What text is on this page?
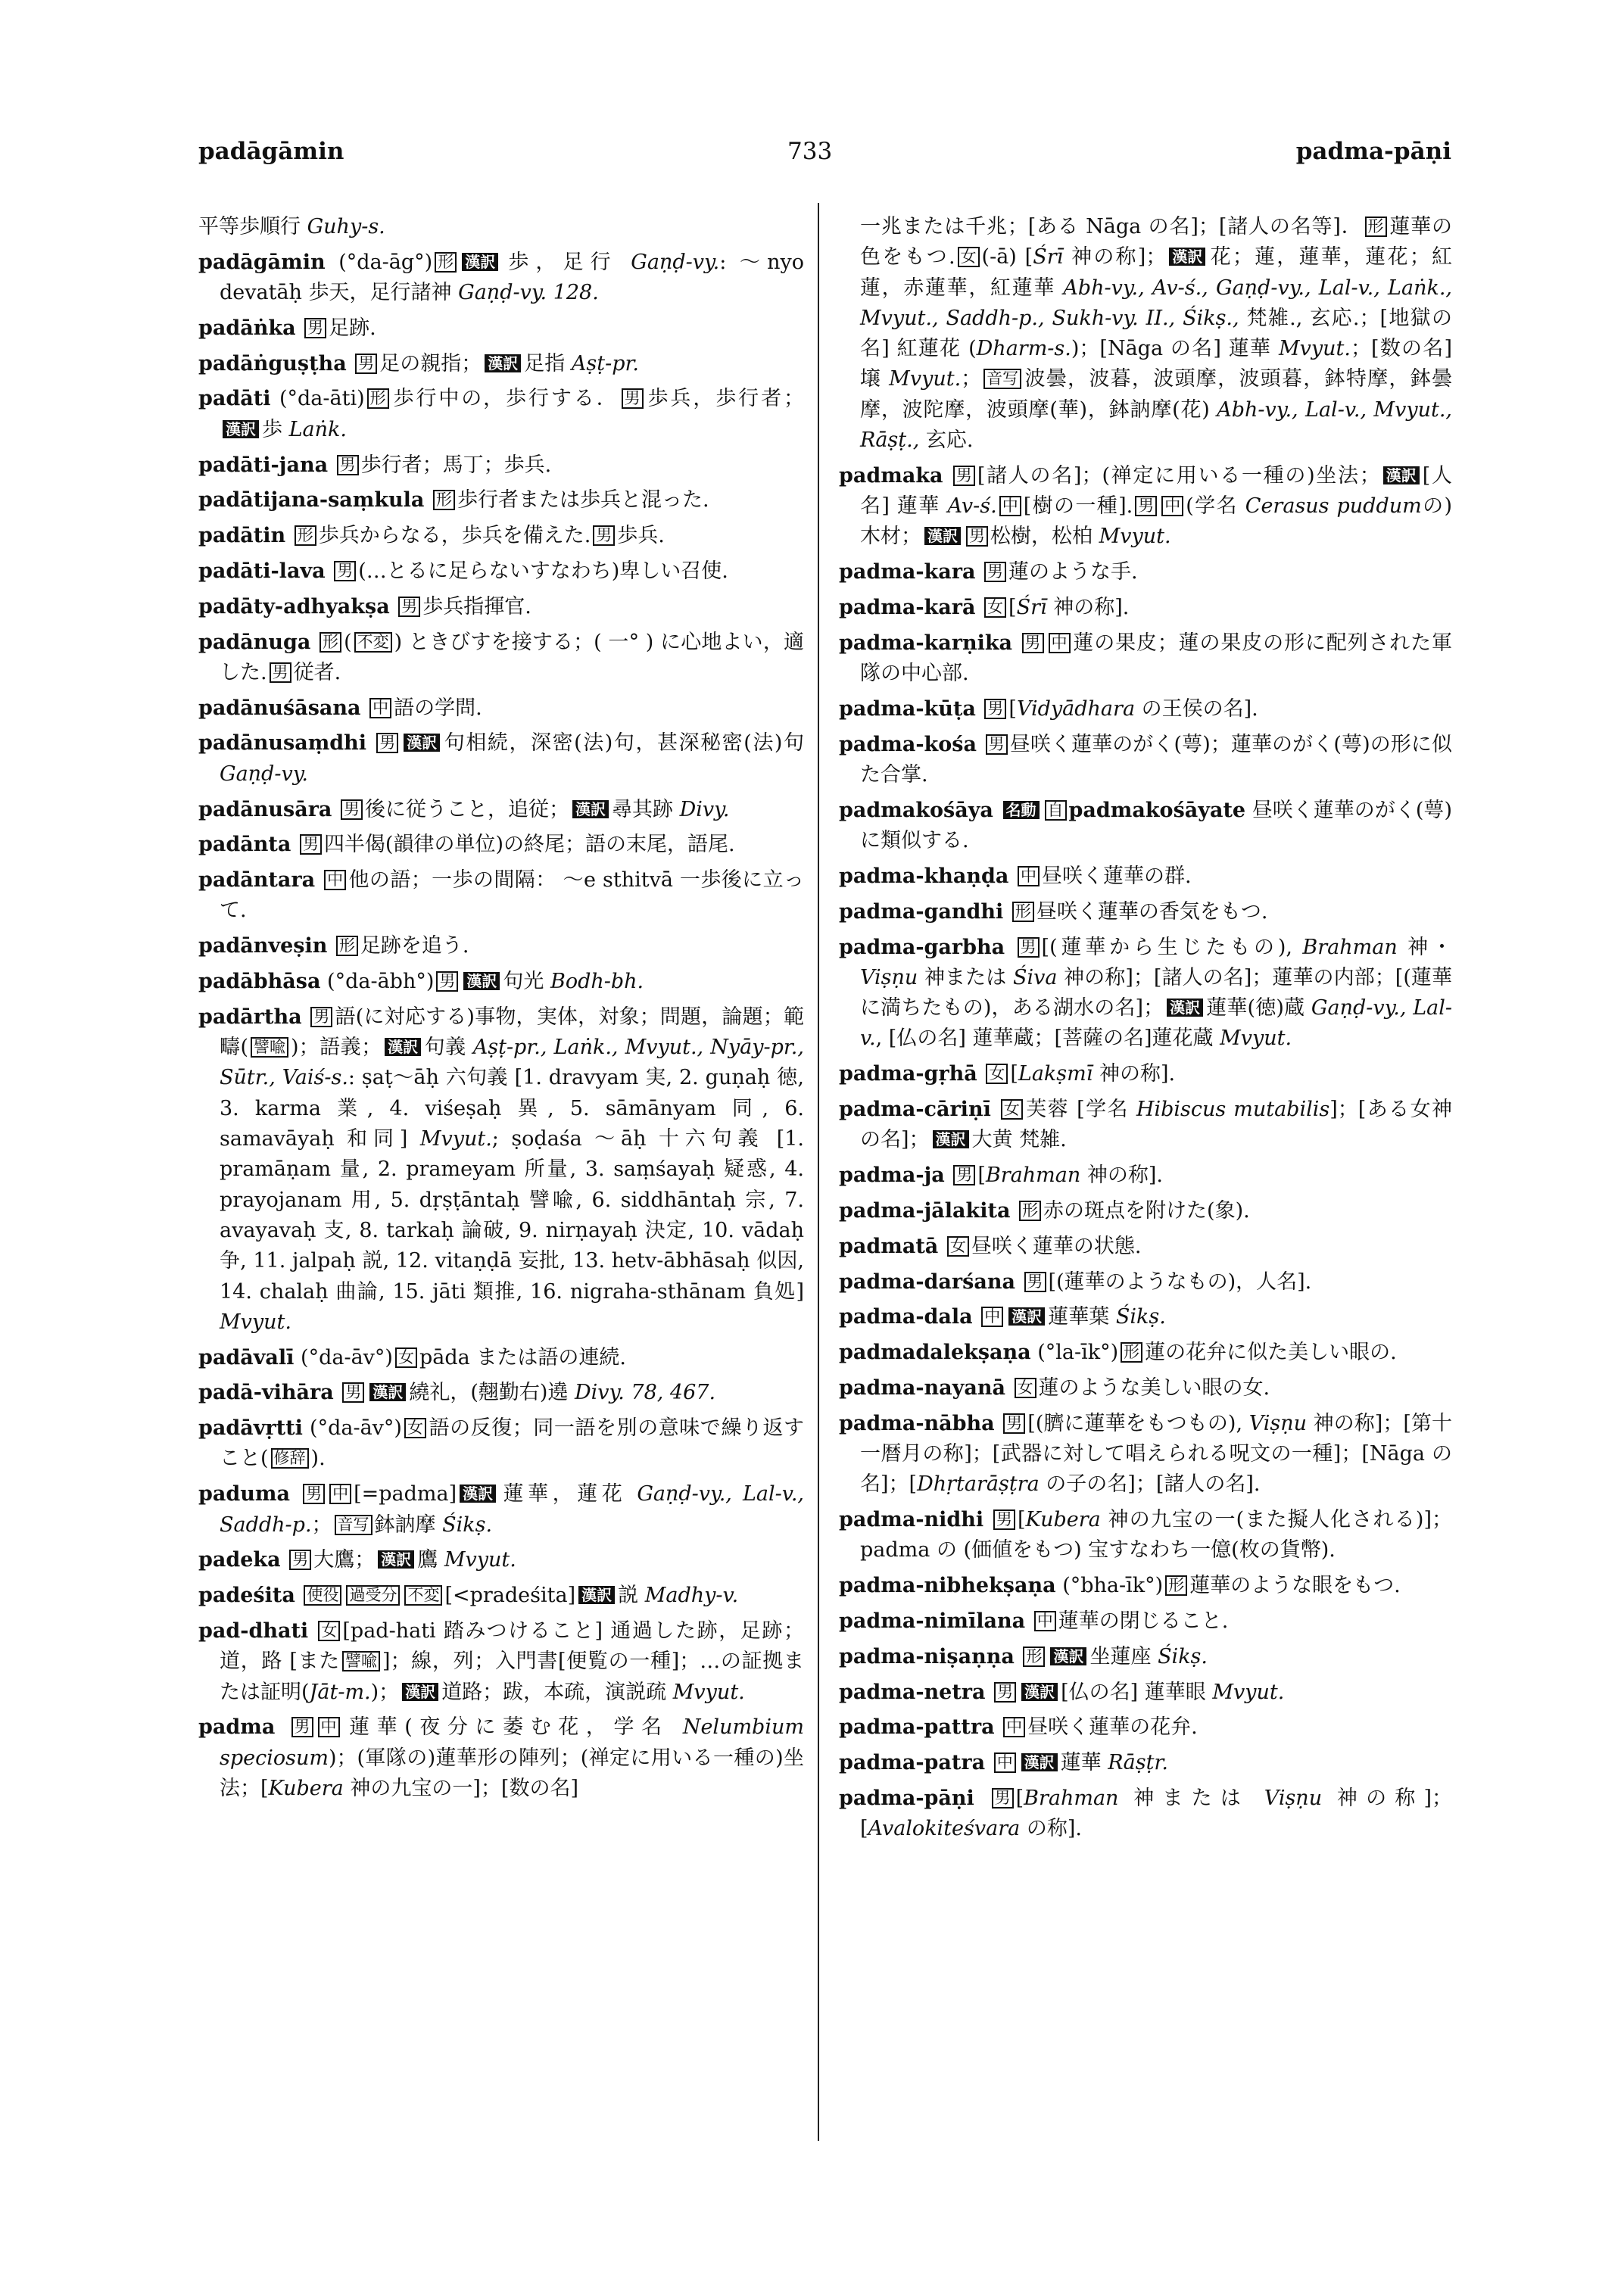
padāgāmin	733	padma-pāṇi

平等歩順行 Guhy-s.

padāgāmin (°da-āg°) 形 漢訳 歩，足行 Gaṇḍ-vy.: ～nyo devatāḥ 歩天，足行諸神 Gaṇḍ-vy. 128.

padāṅka 男 足跡.

padāṅguṣṭha 男 足の親指； 漢訳 足指 Aṣṭ-pr.

padāti (°da-āti) 形 歩行中の，歩行する． 男 歩兵，歩行者；漢訳 歩 Laṅk.

padāti-jana 男 歩行者；馬丁；歩兵.

padātijana-saṃkula 形 歩行者または歩兵と混った.

padātin 形 歩兵からなる，歩兵を備えた. 男 歩兵.

padāti-lava 男 (…とるに足らないすなわち)卑しい召使.

padāty-adhyakṣa 男 歩兵指揮官.

padānuga 形 ( 不変 ) ときびすを接する；( 一° ) に心地よい，適した. 男 従者.

padānuśāsana 中 語の学問.

padānusaṃdhi 男 漢訳 句相続，深密(法)句，甚深秘密(法)句 Gaṇḍ-vy.

padānusāra 男 後に従うこと，追従； 漢訳 尋其跡 Divy.

padānta 男 四半偈(韻律の単位)の終尾；語の末尾，語尾.

padāntara 中 他の語；一歩の間隔： ～e sthitvā 一歩後に立って.

padānveṣin 形 足跡を追う.

padābhāsa (°da-ābh°) 男 漢訳 句光 Bodh-bh.

padārtha 男 語(に対応する)事物，実体，対象；問題，論題；範疇( 譬喩 )；語義； 漢訳 句義 Aṣṭ-pr., Laṅk., Mvyut., Nyāy-pr., Sūtr., Vaiś-s.: ṣaṭ～āḥ 六句義 [1. dravyam 実, 2. guṇaḥ 徳, 3. karma 業, 4. viśeṣaḥ 異, 5. sāmānyam 同, 6. samavāyaḥ 和同] Mvyut.; ṣoḍaśa ～āḥ 十六句義 [1. pramāṇam 量, 2. prameyam 所量, 3. saṃśayaḥ 疑惑, 4. prayojanam 用, 5. dṛṣṭāntaḥ 譬喩, 6. siddhāntaḥ 宗, 7. avayavaḥ 支, 8. tarkaḥ 論破, 9. nirṇayaḥ 決定, 10. vādaḥ 争, 11. jalpaḥ 説, 12. vitaṇḍā 妄批, 13. hetv-ābhāsaḥ 似因, 14. chalaḥ 曲論, 15. jāti 類推, 16. nigraha-sthānam 負処] Mvyut.

padāvalī (°da-āv°) 女 pāda または語の連続.

padā-vihāra 男 漢訳 繞礼，(翹勤右)遶 Divy. 78, 467.

padāvṛtti (°da-āv°) 女 語の反復；同一語を別の意味で繰り返すこと( 修辞 ).

paduma 男 中 [=padma] 漢訳 蓮華，蓮花 Gaṇḍ-vy., Lal-v., Saddh-p.； 音写 鉢訥摩 Śikṣ.

padeka 男 大鷹； 漢訳 鷹 Mvyut.

padeśita 使役 過受分 不変 [<pradeśita] 漢訳 説 Madhy-v.

pad-dhati 女 [pad-hati 踏みつけること] 通過した跡，足跡；道，路 [また 譬喩 ]；線，列；入門書[便覧の一種]；…の証拠または証明(Jāt-m.)； 漢訳 道路；跋，本疏，演説疏 Mvyut.

padma 男 中 蓮華(夜分に萎む花，学名 Nelumbium speciosum)；(軍隊の)蓮華形の陣列；(禅定に用いる一種の)坐法；[Kubera 神の九宝の一]；[数の名]

一兆または千兆；[ある Nāga の名]；[諸人の名等]． 形 蓮華の色をもつ. 女 (-ā) [Śrī 神の称]； 漢訳 花；蓮，蓮華，蓮花；紅蓮，赤蓮華，紅蓮華 Abh-vy., Av-ś., Gaṇḍ-vy., Lal-v., Laṅk., Mvyut., Saddh-p., Sukh-vy. II., Śikṣ., 梵雑., 玄応.；[地獄の名] 紅蓮花 (Dharm-s.)；[Nāga の名] 蓮華 Mvyut.；[数の名] 壌 Mvyut.； 音写 波曇，波暮，波頭摩，波頭暮，鉢特摩，鉢曇摩，波陀摩，波頭摩(華)，鉢訥摩(花) Abh-vy., Lal-v., Mvyut., Rāṣṭ., 玄応.

padmaka 男 [諸人の名]；(禅定に用いる一種の)坐法； 漢訳 [人名] 蓮華 Av-ś. 中 [樹の一種]. 男 中 (学名 Cerasus puddumの) 木材； 漢訳 男 松樹，松柏 Mvyut.

padma-kara 男 蓮のような手.

padma-karā 女 [Śrī 神の称].

padma-karṇika 男 中 蓮の果皮；蓮の果皮の形に配列された軍隊の中心部.

padma-kūṭa 男 [Vidyādhara の王侯の名].

padma-kośa 男 昼咲く蓮華のがく(萼)；蓮華のがく(萼)の形に似た合掌.

padmakośāya 名動 自 padmakośāyate 昼咲く蓮華のがく(萼)に類似する.

padma-khaṇḍa 中 昼咲く蓮華の群.

padma-gandhi 形 昼咲く蓮華の香気をもつ.

padma-garbha 男 [(蓮華から生じたもの), Brahman 神・Viṣṇu 神または Śiva 神の称]；[諸人の名]；蓮華の内部；[(蓮華に満ちたもの)，ある湖水の名]； 漢訳 蓮華(徳)蔵 Gaṇḍ-vy., Lal-v., [仏の名] 蓮華蔵；[菩薩の名]蓮花蔵 Mvyut.

padma-gṛhā 女 [Lakṣmī 神の称].

padma-cāriṇī 女 芙蓉 [学名 Hibiscus mutabilis]；[ある女神の名]； 漢訳 大黄 梵雑.

padma-ja 男 [Brahman 神の称].

padma-jālakita 形 赤の斑点を附けた(象).

padmatā 女 昼咲く蓮華の状態.

padma-darśana 男 [(蓮華のようなもの)，人名].

padma-dala 中 漢訳 蓮華葉 Śikṣ.

padmadalekṣaṇa (°la-īk°) 形 蓮の花弁に似た美しい眼の.

padma-nayanā 女 蓮のような美しい眼の女.

padma-nābha 男 [(臍に蓮華をもつもの), Viṣṇu 神の称]；[第十一暦月の称]；[武器に対して唱えられる呪文の一種]；[Nāga の名]；[Dhṛtarāṣṭra の子の名]；[諸人の名].

padma-nidhi 男 [Kubera 神の九宝の一(また擬人化される)]；padma の (価値をもつ) 宝すなわち一億(枚の貨幣).

padma-nibhekṣaṇa (°bha-īk°) 形 蓮華のような眼をもつ.

padma-nimīlana 中 蓮華の閉じること.

padma-niṣaṇṇa 形 漢訳 坐蓮座 Śikṣ.

padma-netra 男 漢訳 [仏の名] 蓮華眼 Mvyut.

padma-pattra 中 昼咲く蓮華の花弁.

padma-patra 中 漢訳 蓮華 Rāṣṭr.

padma-pāṇi 男 [Brahman 神または Viṣṇu 神の称]；[Avalokiteśvara の称].
